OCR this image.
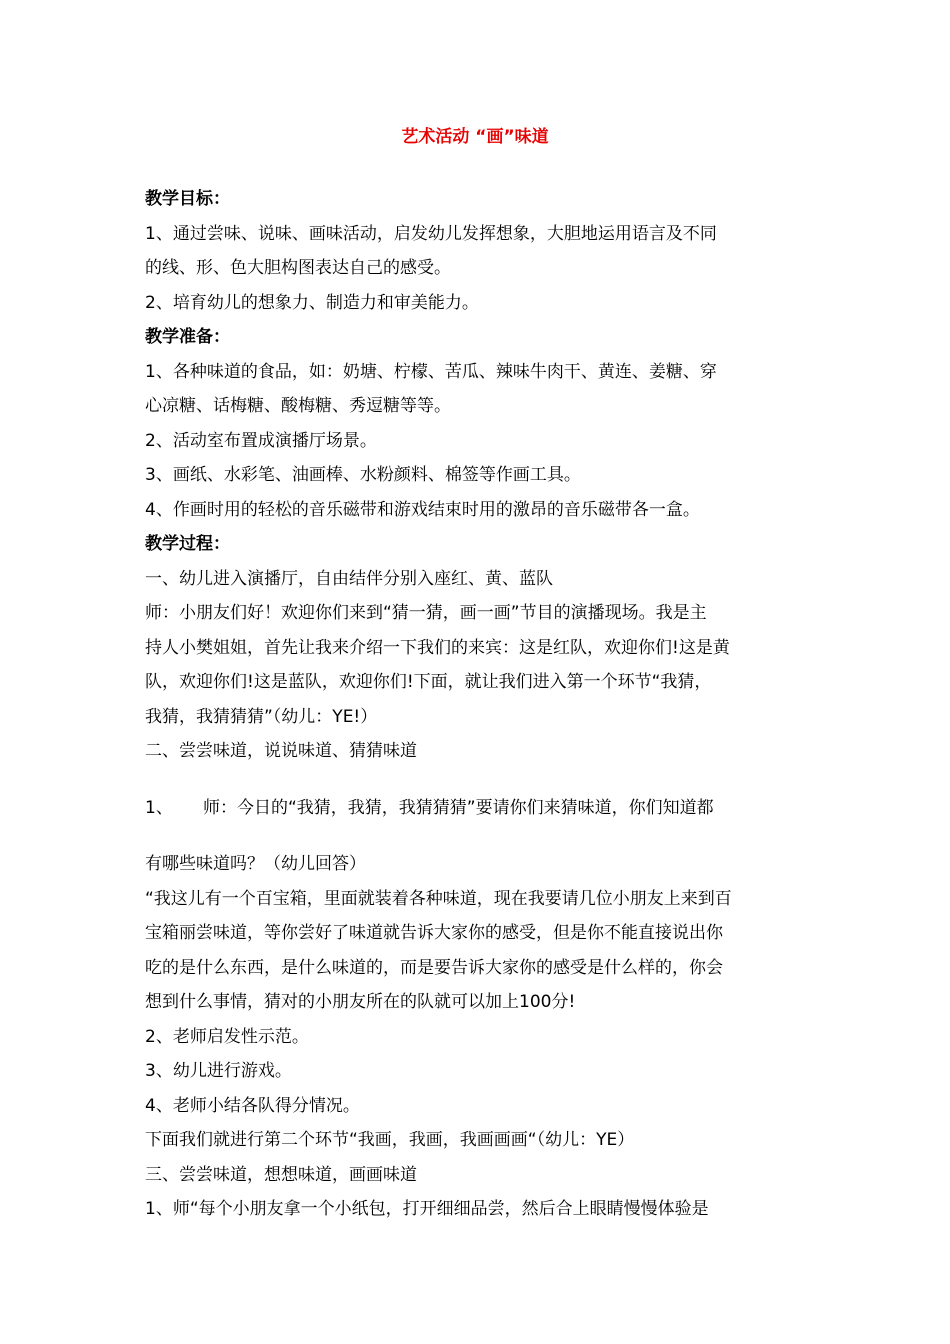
艺术活动 “画”味道
教学目标：
1、通过尝味、说味、画味活动，启发幼儿发挥想象，大胆地运用语言及不同
的线、形、色大胆构图表达自己的感受。
2、培育幼儿的想象力、制造力和审美能力。
教学准备：
1、各种味道的食品，如：奶塘、柠檬、苦瓜、辣味牛肉干、黄连、姜糖、穿
心凉糖、话梅糖、酸梅糖、秀逗糖等等。
2、活动室布置成演播厅场景。
3、画纸、水彩笔、油画棒、水粉颜料、棉签等作画工具。
4、作画时用的轻松的音乐磁带和游戏结束时用的激昂的音乐磁带各一盒。
教学过程：
一、幼儿进入演播厅，自由结伴分别入座红、黄、蓝队
师：小朋友们好！欢迎你们来到“猜一猜，画一画”节目的演播现场。我是主
持人小樊姐姐，首先让我来介绍一下我们的来宾：这是红队，欢迎你们!这是黄
队，欢迎你们!这是蓝队，欢迎你们!下面，就让我们进入第一个环节“我猜，
我猜，我猜猜猜”（幼儿：YE!）
二、尝尝味道，说说味道、猜猜味道
1、 师：今日的“我猜，我猜，我猜猜猜”要请你们来猜味道，你们知道都
有哪些味道吗？（幼儿回答）
“我这儿有一个百宝箱，里面就装着各种味道，现在我要请几位小朋友上来到百
宝箱丽尝味道，等你尝好了味道就告诉大家你的感受，但是你不能直接说出你
吃的是什么东西，是什么味道的，而是要告诉大家你的感受是什么样的，你会
想到什么事情，猜对的小朋友所在的队就可以加上100分!
2、老师启发性示范。
3、幼儿进行游戏。
4、老师小结各队得分情况。
下面我们就进行第二个环节“我画，我画，我画画画“（幼儿：YE）
三、尝尝味道，想想味道，画画味道
1、师“每个小朋友拿一个小纸包，打开细细品尝，然后合上眼睛慢慢体验是
